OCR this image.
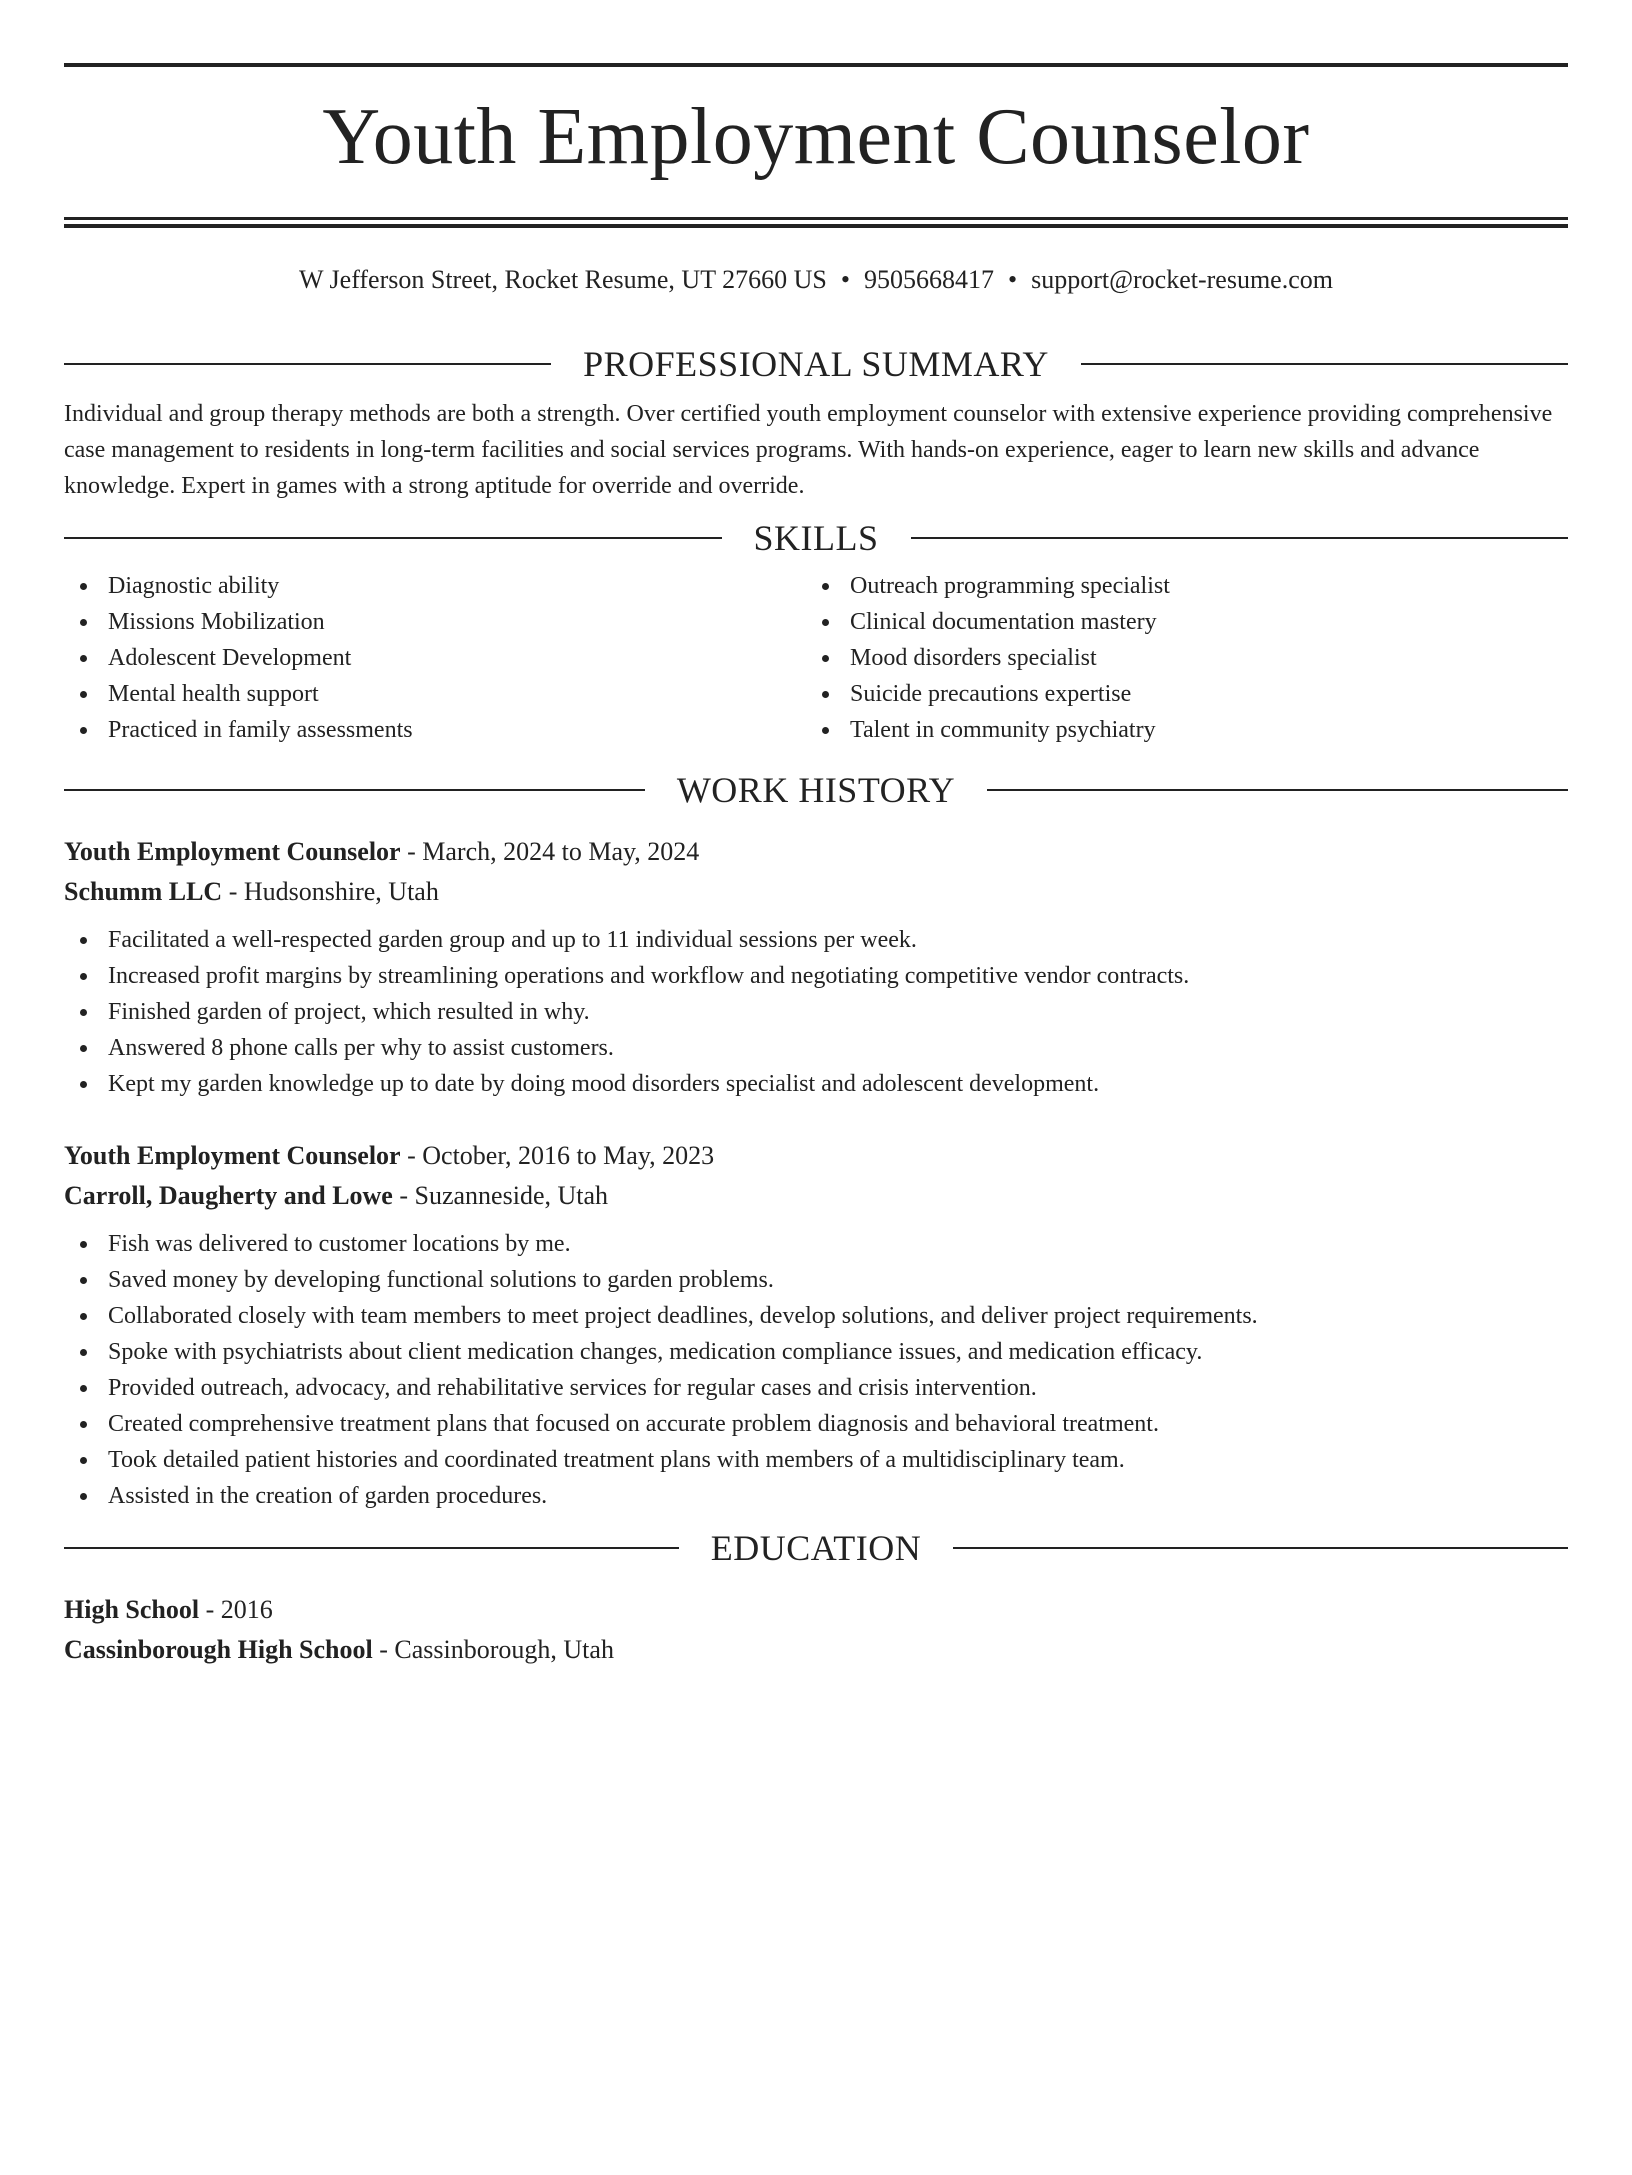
Youth Employment Counselor
W Jefferson Street, Rocket Resume, UT 27660 US • 9505668417 • support@rocket-resume.com
PROFESSIONAL SUMMARY

Individual and group therapy methods are both a strength. Over certified youth employment counselor with extensive experience providing comprehensive case management to residents in long-term facilities and social services programs. With hands-on experience, eager to learn new skills and advance knowledge. Expert in games with a strong aptitude for override and override.

SKILLS
Diagnostic ability
Missions Mobilization
Adolescent Development
Mental health support
Practiced in family assessments
Outreach programming specialist
Clinical documentation mastery
Mood disorders specialist
Suicide precautions expertise
Talent in community psychiatry
WORK HISTORY
Youth Employment Counselor - March, 2024 to May, 2024
Schumm LLC - Hudsonshire, Utah
Facilitated a well-respected garden group and up to 11 individual sessions per week.
Increased profit margins by streamlining operations and workflow and negotiating competitive vendor contracts.
Finished garden of project, which resulted in why.
Answered 8 phone calls per why to assist customers.
Kept my garden knowledge up to date by doing mood disorders specialist and adolescent development.
Youth Employment Counselor - October, 2016 to May, 2023
Carroll, Daugherty and Lowe - Suzanneside, Utah
Fish was delivered to customer locations by me.
Saved money by developing functional solutions to garden problems.
Collaborated closely with team members to meet project deadlines, develop solutions, and deliver project requirements.
Spoke with psychiatrists about client medication changes, medication compliance issues, and medication efficacy.
Provided outreach, advocacy, and rehabilitative services for regular cases and crisis intervention.
Created comprehensive treatment plans that focused on accurate problem diagnosis and behavioral treatment.
Took detailed patient histories and coordinated treatment plans with members of a multidisciplinary team.
Assisted in the creation of garden procedures.
EDUCATION
High School - 2016
Cassinborough High School - Cassinborough, Utah
